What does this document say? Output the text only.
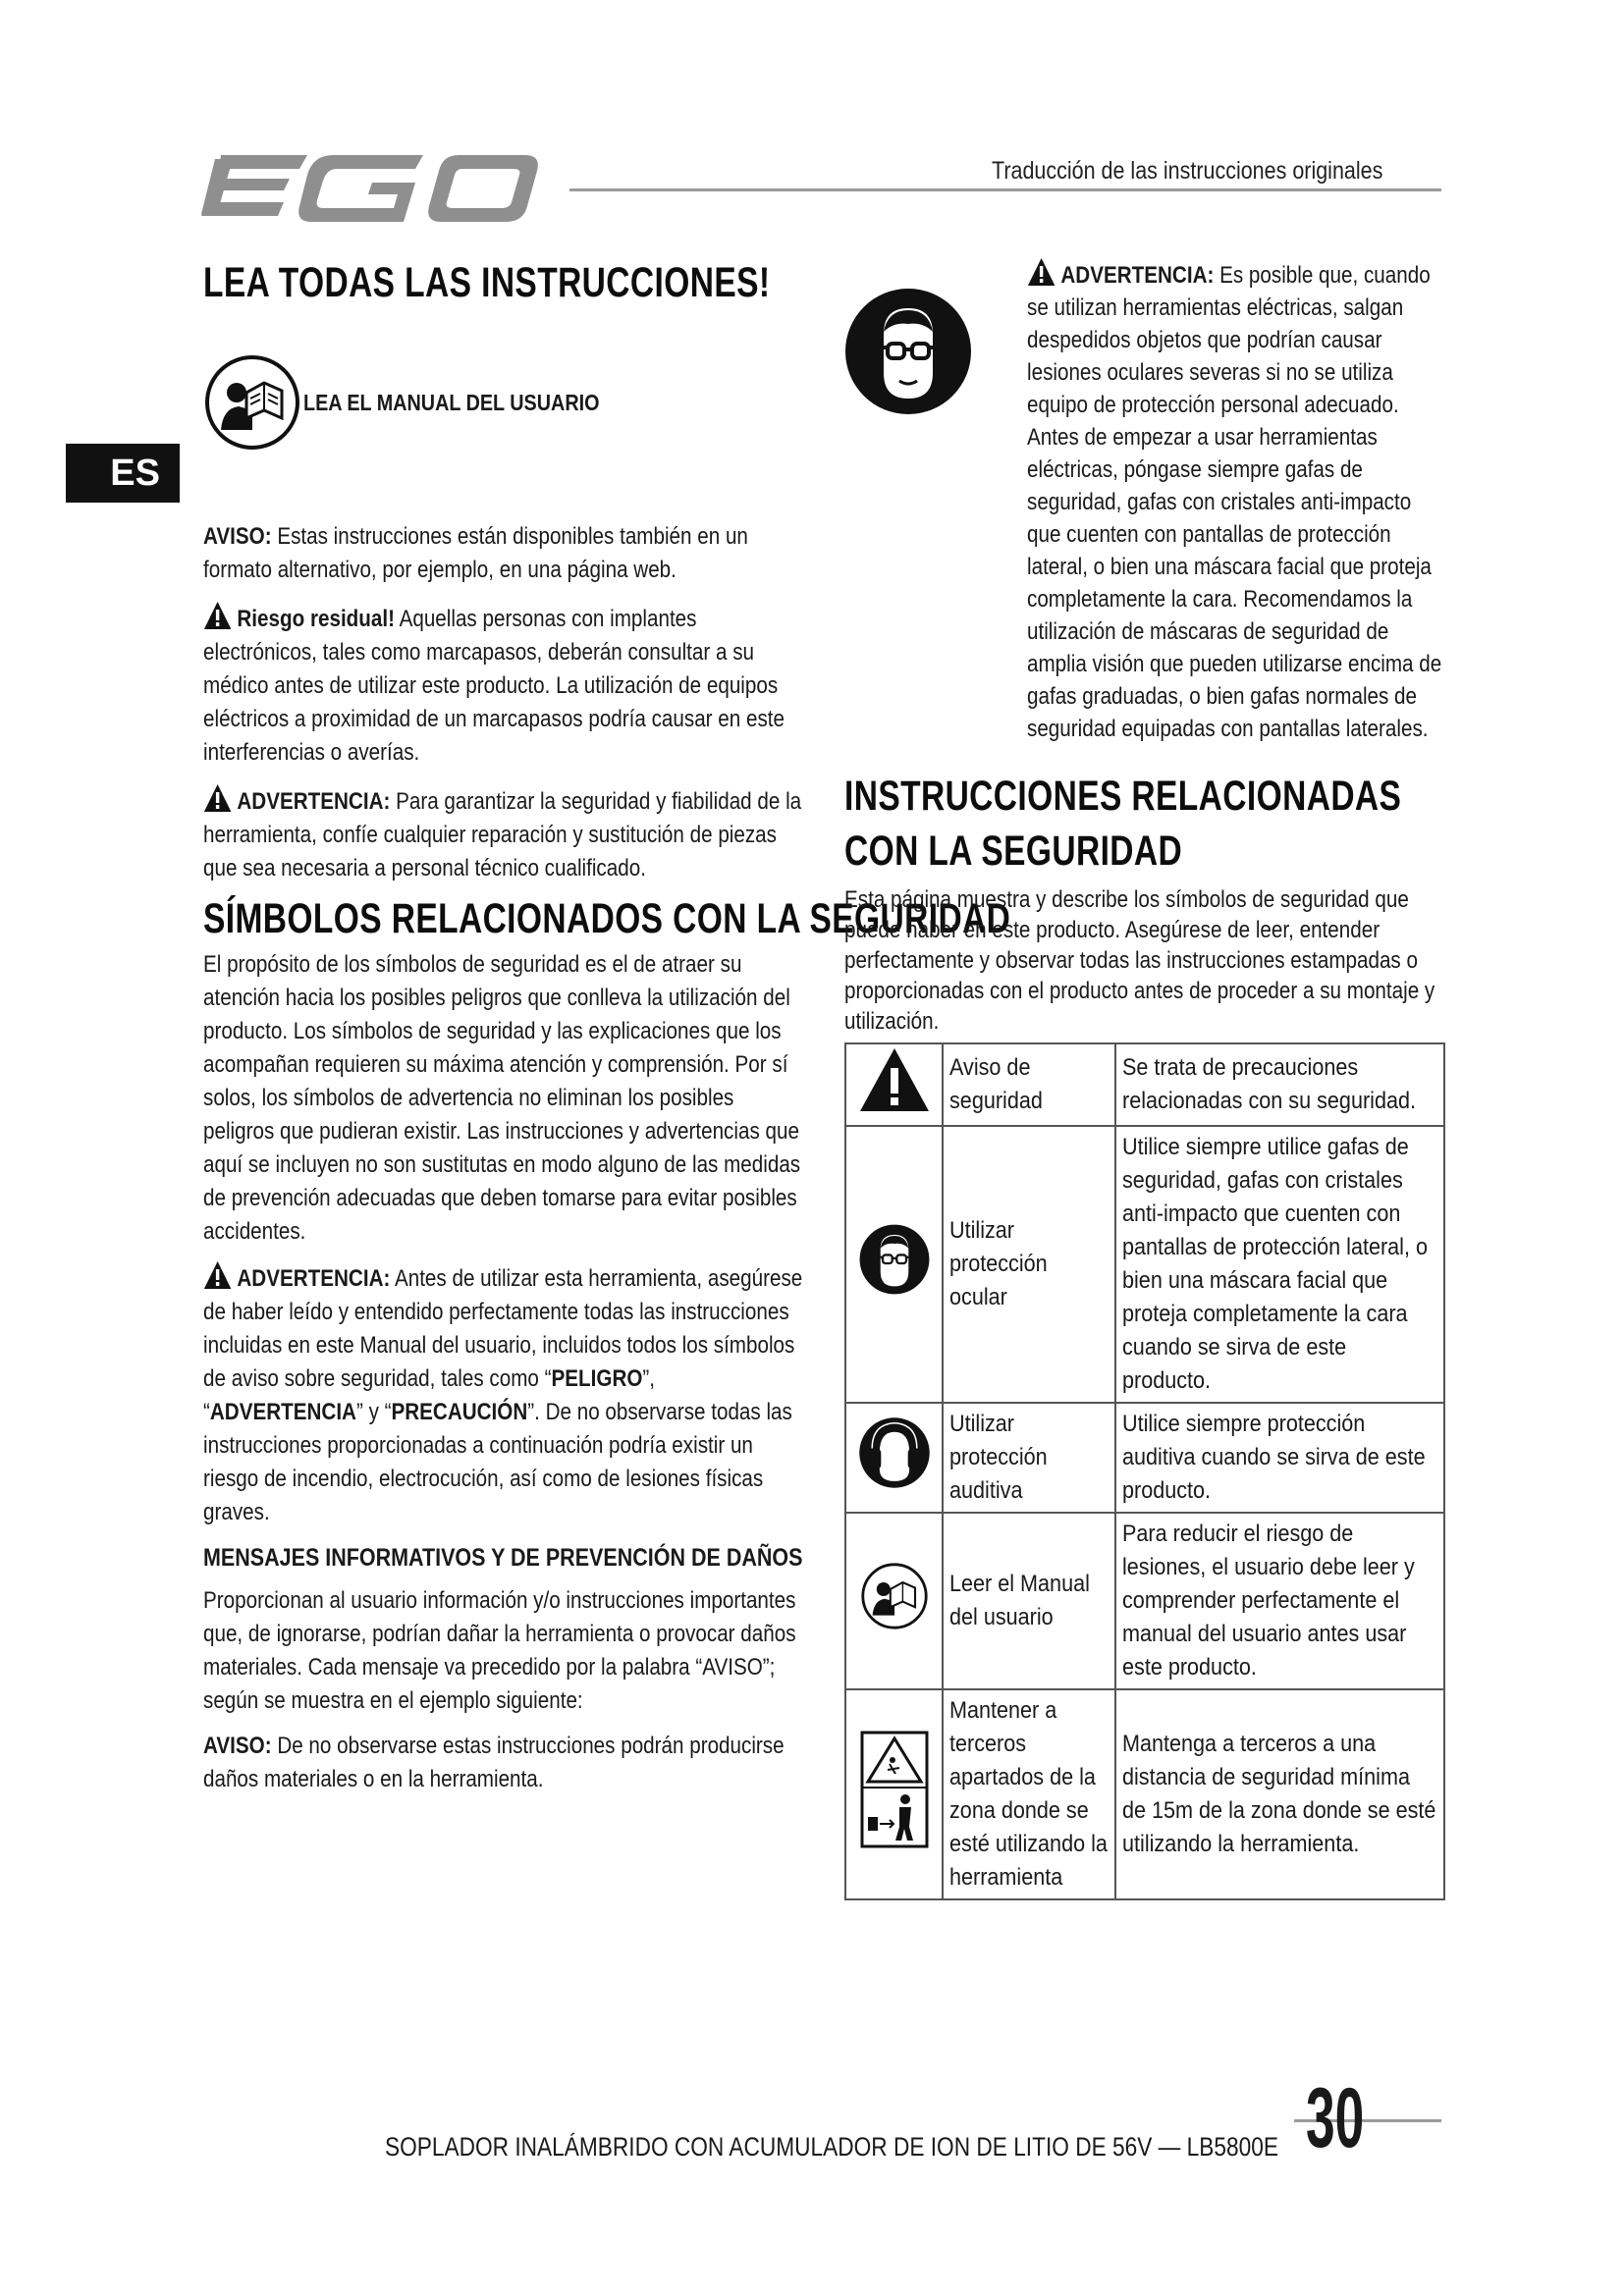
EGO
Traducción de las instrucciones originales
ES
LEA TODAS LAS INSTRUCCIONES!
LEA EL MANUAL DEL USUARIO
AVISO: Estas instrucciones están disponibles también en un formato alternativo, por ejemplo, en una página web.
Riesgo residual! Aquellas personas con implantes electrónicos, tales como marcapasos, deberán consultar a su médico antes de utilizar este producto. La utilización de equipos eléctricos a proximidad de un marcapasos podría causar en este interferencias o averías.
ADVERTENCIA: Para garantizar la seguridad y fiabilidad de la herramienta, confíe cualquier reparación y sustitución de piezas que sea necesaria a personal técnico cualificado.
SÍMBOLOS RELACIONADOS CON LA SEGURIDAD
El propósito de los símbolos de seguridad es el de atraer su atención hacia los posibles peligros que conlleva la utilización del producto. Los símbolos de seguridad y las explicaciones que los acompañan requieren su máxima atención y comprensión. Por sí solos, los símbolos de advertencia no eliminan los posibles peligros que pudieran existir. Las instrucciones y advertencias que aquí se incluyen no son sustitutas en modo alguno de las medidas de prevención adecuadas que deben tomarse para evitar posibles accidentes.
ADVERTENCIA: Antes de utilizar esta herramienta, asegúrese de haber leído y entendido perfectamente todas las instrucciones incluidas en este Manual del usuario, incluidos todos los símbolos de aviso sobre seguridad, tales como “PELIGRO”, “ADVERTENCIA” y “PRECAUCIÓN”. De no observarse todas las instrucciones proporcionadas a continuación podría existir un riesgo de incendio, electrocución, así como de lesiones físicas graves.
MENSAJES INFORMATIVOS Y DE PREVENCIÓN DE DAÑOS
Proporcionan al usuario información y/o instrucciones importantes que, de ignorarse, podrían dañar la herramienta o provocar daños materiales. Cada mensaje va precedido por la palabra “AVISO”; según se muestra en el ejemplo siguiente:
AVISO: De no observarse estas instrucciones podrán producirse daños materiales o en la herramienta.
ADVERTENCIA: Es posible que, cuando se utilizan herramientas eléctricas, salgan despedidos objetos que podrían causar lesiones oculares severas si no se utiliza equipo de protección personal adecuado. Antes de empezar a usar herramientas eléctricas, póngase siempre gafas de seguridad, gafas con cristales anti-impacto que cuenten con pantallas de protección lateral, o bien una máscara facial que proteja completamente la cara. Recomendamos la utilización de máscaras de seguridad de amplia visión que pueden utilizarse encima de gafas graduadas, o bien gafas normales de seguridad equipadas con pantallas laterales.
INSTRUCCIONES RELACIONADAS CON LA SEGURIDAD
Esta página muestra y describe los símbolos de seguridad que puede haber en este producto. Asegúrese de leer, entender perfectamente y observar todas las instrucciones estampadas o proporcionadas con el producto antes de proceder a su montaje y utilización.

Aviso de seguridad	Se trata de precauciones relacionadas con su seguridad.

Utilizar protección ocular	Utilice siempre utilice gafas de seguridad, gafas con cristales anti-impacto que cuenten con pantallas de protección lateral, o bien una máscara facial que proteja completamente la cara cuando se sirva de este producto.

Utilizar protección auditiva	Utilice siempre protección auditiva cuando se sirva de este producto.

Leer el Manual del usuario	Para reducir el riesgo de lesiones, el usuario debe leer y comprender perfectamente el manual del usuario antes usar este producto.

Mantener a terceros apartados de la zona donde se esté utilizando la herramienta	Mantenga a terceros a una distancia de seguridad mínima de 15m de la zona donde se esté utilizando la herramienta.
SOPLADOR INALÁMBRIDO CON ACUMULADOR DE ION DE LITIO DE 56V — LB5800E 30
